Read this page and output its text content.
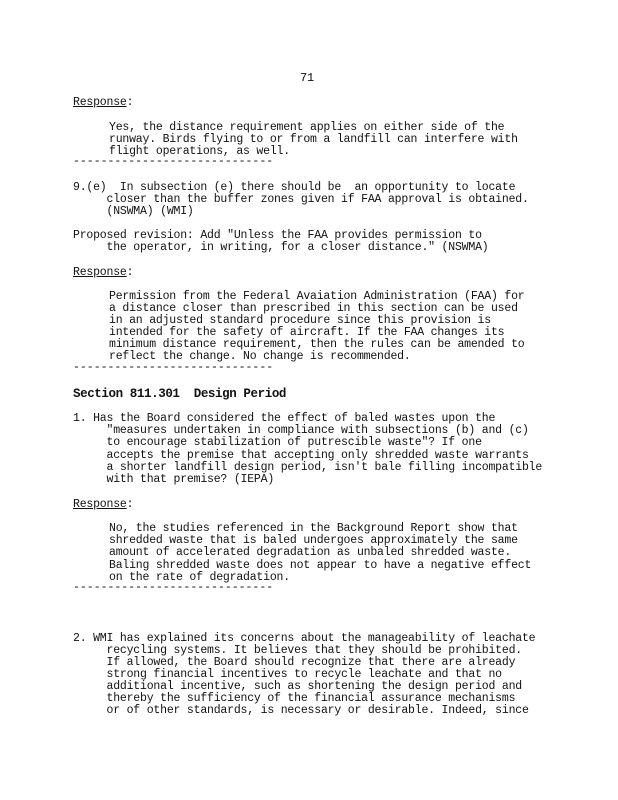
71
Response:
Yes, the distance requirement applies on either side of the
runway. Birds flying to or from a landfill can interfere with
flight operations, as well.
-----------------------------
9.(e)  In subsection (e) there should be  an opportunity to locate
closer than the buffer zones given if FAA approval is obtained.
(NSWMA) (WMI)
Proposed revision: Add "Unless the FAA provides permission to
the operator, in writing, for a closer distance." (NSWMA)
Response:
Permission from the Federal Avaiation Administration (FAA) for
a distance closer than prescribed in this section can be used
in an adjusted standard procedure since this provision is
intended for the safety of aircraft. If the FAA changes its
minimum distance requirement, then the rules can be amended to
reflect the change. No change is recommended.
-----------------------------
Section 811.301  Design Period
1. Has the Board considered the effect of baled wastes upon the
"measures undertaken in compliance with subsections (b) and (c)
to encourage stabilization of putrescible waste"? If one
accepts the premise that accepting only shredded waste warrants
a shorter landfill design period, isn't bale filling incompatible
with that premise? (IEPA)
Response:
No, the studies referenced in the Background Report show that
shredded waste that is baled undergoes approximately the same
amount of accelerated degradation as unbaled shredded waste.
Baling shredded waste does not appear to have a negative effect
on the rate of degradation.
-----------------------------
2. WMI has explained its concerns about the manageability of leachate
recycling systems. It believes that they should be prohibited.
If allowed, the Board should recognize that there are already
strong financial incentives to recycle leachate and that no
additional incentive, such as shortening the design period and
thereby the sufficiency of the financial assurance mechanisms
or of other standards, is necessary or desirable. Indeed, since
